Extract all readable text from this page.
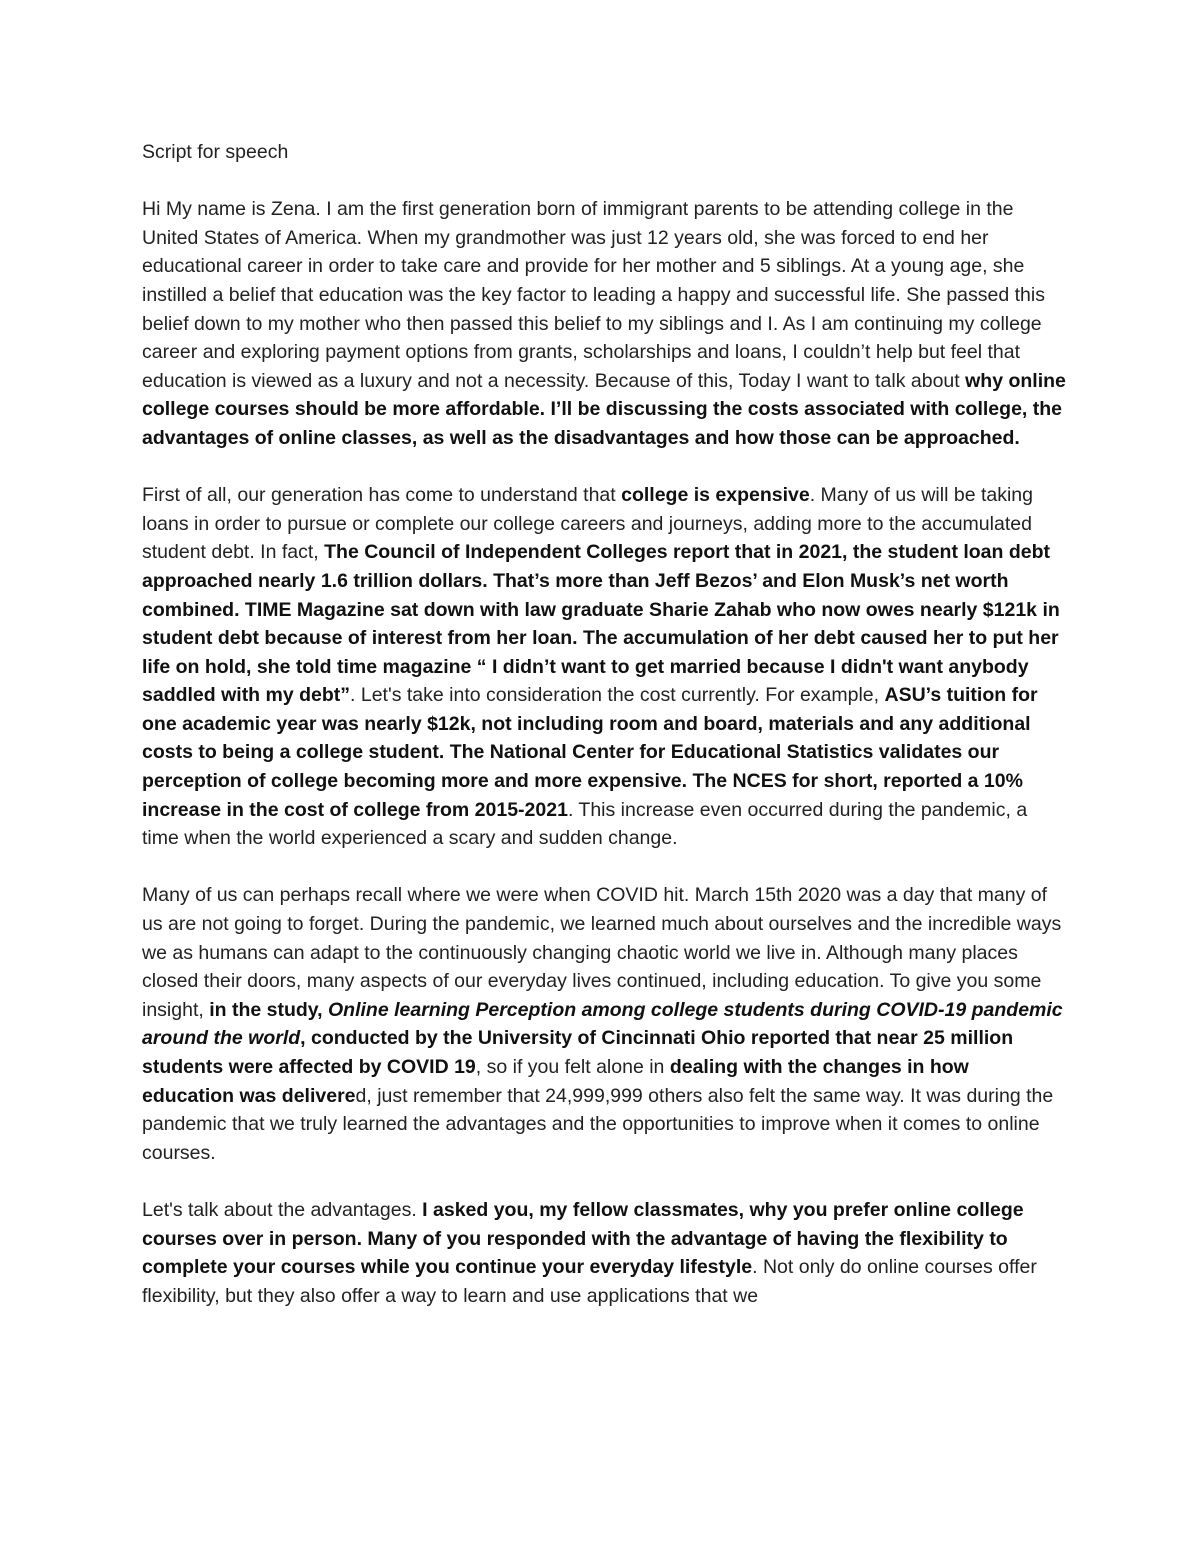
Script for speech

Hi My name is Zena. I am the first generation born of immigrant parents to be attending college in the United States of America. When my grandmother was just 12 years old, she was forced to end her educational career in order to take care and provide for her mother and 5 siblings. At a young age, she instilled a belief that education was the key factor to leading a happy and successful life. She passed this belief down to my mother who then passed this belief to my siblings and I. As I am continuing my college career and exploring payment options from grants, scholarships and loans, I couldn’t help but feel that education is viewed as a luxury and not a necessity. Because of this, Today I want to talk about why online college courses should be more affordable. I’ll be discussing the costs associated with college, the advantages of online classes, as well as the disadvantages and how those can be approached.

First of all, our generation has come to understand that college is expensive. Many of us will be taking loans in order to pursue or complete our college careers and journeys, adding more to the accumulated student debt. In fact, The Council of Independent Colleges report that in 2021, the student loan debt approached nearly 1.6 trillion dollars. That’s more than Jeff Bezos’ and Elon Musk’s net worth combined. TIME Magazine sat down with law graduate Sharie Zahab who now owes nearly $121k in student debt because of interest from her loan. The accumulation of her debt caused her to put her life on hold, she told time magazine “ I didn’t want to get married because I didn't want anybody saddled with my debt”. Let's take into consideration the cost currently. For example, ASU’s tuition for one academic year was nearly $12k, not including room and board, materials and any additional costs to being a college student. The National Center for Educational Statistics validates our perception of college becoming more and more expensive. The NCES for short, reported a 10% increase in the cost of college from 2015-2021. This increase even occurred during the pandemic, a time when the world experienced a scary and sudden change.

Many of us can perhaps recall where we were when COVID hit. March 15th 2020 was a day that many of us are not going to forget. During the pandemic, we learned much about ourselves and the incredible ways we as humans can adapt to the continuously changing chaotic world we live in. Although many places closed their doors, many aspects of our everyday lives continued, including education. To give you some insight, in the study, Online learning Perception among college students during COVID-19 pandemic around the world, conducted by the University of Cincinnati Ohio reported that near 25 million students were affected by COVID 19, so if you felt alone in dealing with the changes in how education was delivered, just remember that 24,999,999 others also felt the same way. It was during the pandemic that we truly learned the advantages and the opportunities to improve when it comes to online courses.

Let's talk about the advantages. I asked you, my fellow classmates, why you prefer online college courses over in person. Many of you responded with the advantage of having the flexibility to complete your courses while you continue your everyday lifestyle. Not only do online courses offer flexibility, but they also offer a way to learn and use applications that we
